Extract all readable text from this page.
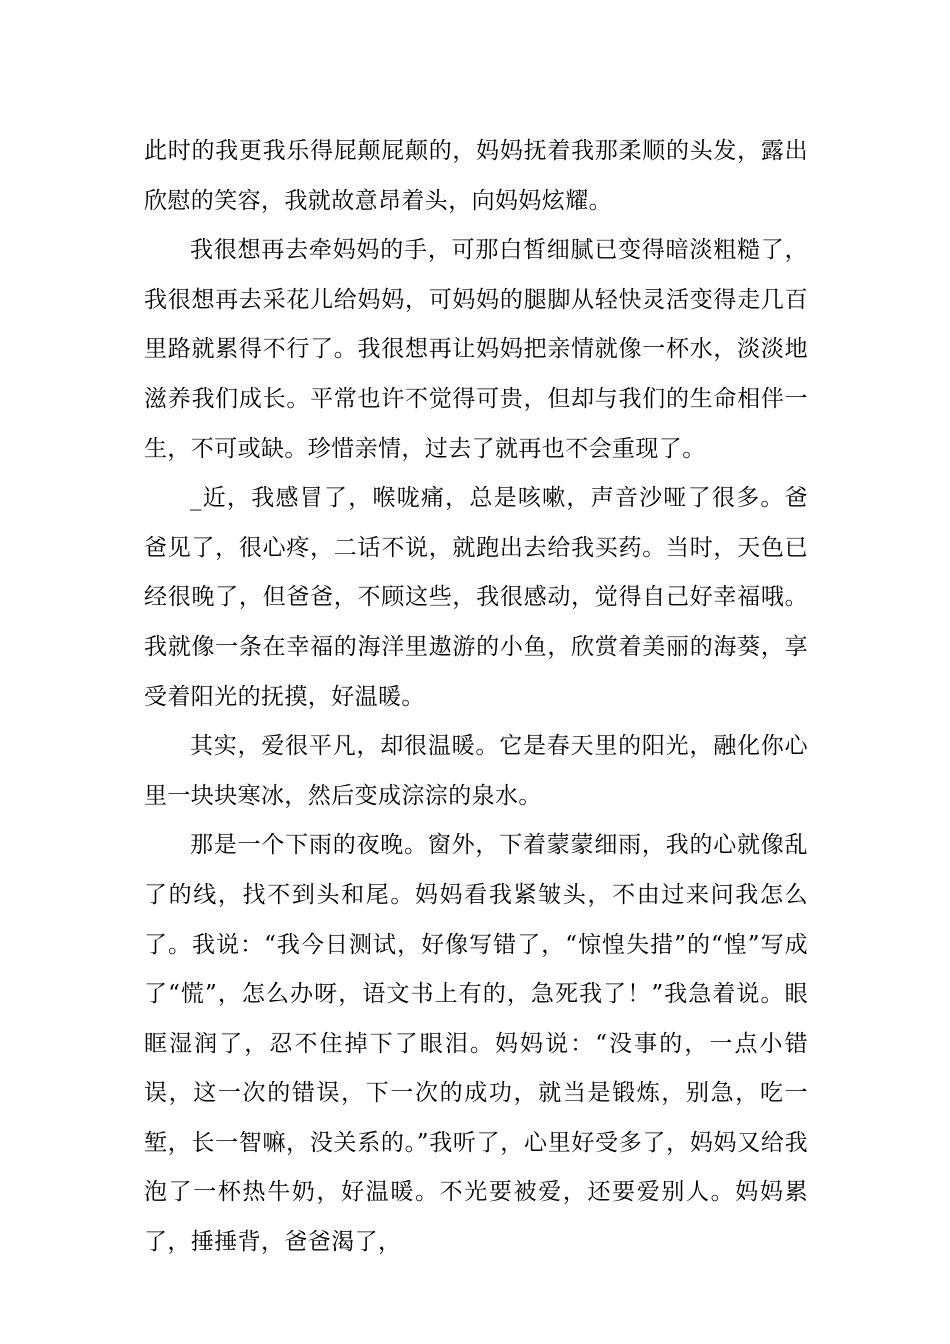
此时的我更我乐得屁颠屁颠的，妈妈抚着我那柔顺的头发，露出欣慰的笑容，我就故意昂着头，向妈妈炫耀。

我很想再去牵妈妈的手，可那白皙细腻已变得暗淡粗糙了，我很想再去采花儿给妈妈，可妈妈的腿脚从轻快灵活变得走几百里路就累得不行了。我很想再让妈妈把亲情就像一杯水，淡淡地滋养我们成长。平常也许不觉得可贵，但却与我们的生命相伴一生，不可或缺。珍惜亲情，过去了就再也不会重现了。

_近，我感冒了，喉咙痛，总是咳嗽，声音沙哑了很多。爸爸见了，很心疼，二话不说，就跑出去给我买药。当时，天色已经很晚了，但爸爸，不顾这些，我很感动，觉得自己好幸福哦。我就像一条在幸福的海洋里遨游的小鱼，欣赏着美丽的海葵，享受着阳光的抚摸，好温暖。

其实，爱很平凡，却很温暖。它是春天里的阳光，融化你心里一块块寒冰，然后变成淙淙的泉水。

那是一个下雨的夜晚。窗外，下着蒙蒙细雨，我的心就像乱了的线，找不到头和尾。妈妈看我紧皱头，不由过来问我怎么了。我说：“我今日测试，好像写错了，“惊惶失措”的“惶”写成了“慌”，怎么办呀，语文书上有的，急死我了！”我急着说。眼眶湿润了，忍不住掉下了眼泪。妈妈说：“没事的，一点小错误，这一次的错误，下一次的成功，就当是锻炼，别急，吃一堑，长一智嘛，没关系的。”我听了，心里好受多了，妈妈又给我泡了一杯热牛奶，好温暖。不光要被爱，还要爱别人。妈妈累了，捶捶背，爸爸渴了，
